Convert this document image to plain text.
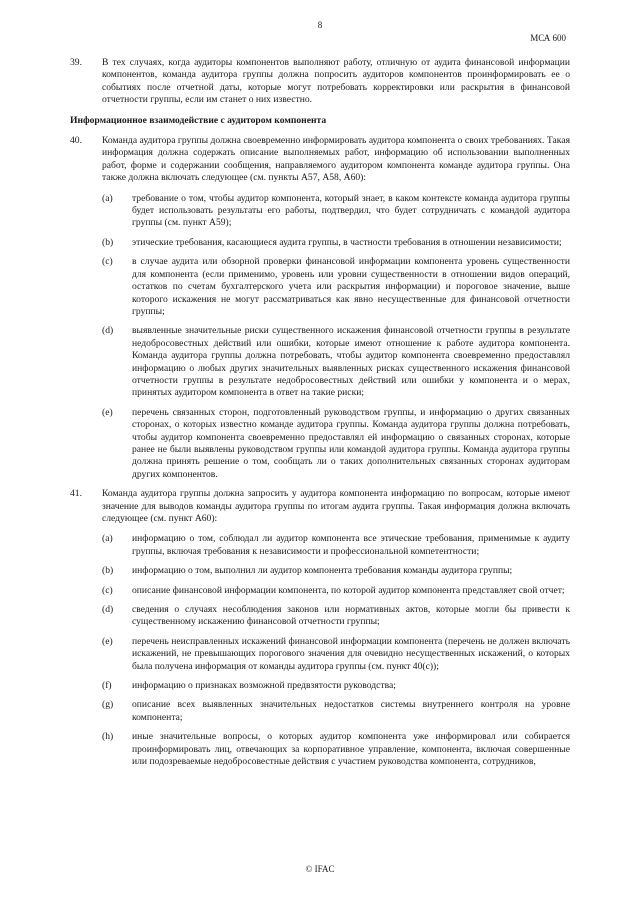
8
МСА 600
39. В тех случаях, когда аудиторы компонентов выполняют работу, отличную от аудита финансовой информации компонентов, команда аудитора группы должна попросить аудиторов компонентов проинформировать ее о событиях после отчетной даты, которые могут потребовать корректировки или раскрытия в финансовой отчетности группы, если им станет о них известно.
Информационное взаимодействие с аудитором компонента
40. Команда аудитора группы должна своевременно информировать аудитора компонента о своих требованиях. Такая информация должна содержать описание выполняемых работ, информацию об использовании выполненных работ, форме и содержании сообщения, направляемого аудитором компонента команде аудитора группы. Она также должна включать следующее (см. пункты А57, А58, А60):
(a) требование о том, чтобы аудитор компонента, который знает, в каком контексте команда аудитора группы будет использовать результаты его работы, подтвердил, что будет сотрудничать с командой аудитора группы (см. пункт А59);
(b) этические требования, касающиеся аудита группы, в частности требования в отношении независимости;
(c) в случае аудита или обзорной проверки финансовой информации компонента уровень существенности для компонента (если применимо, уровень или уровни существенности в отношении видов операций, остатков по счетам бухгалтерского учета или раскрытия информации) и пороговое значение, выше которого искажения не могут рассматриваться как явно несущественные для финансовой отчетности группы;
(d) выявленные значительные риски существенного искажения финансовой отчетности группы в результате недобросовестных действий или ошибки, которые имеют отношение к работе аудитора компонента. Команда аудитора группы должна потребовать, чтобы аудитор компонента своевременно предоставлял информацию о любых других значительных выявленных рисках существенного искажения финансовой отчетности группы в результате недобросовестных действий или ошибки у компонента и о мерах, принятых аудитором компонента в ответ на такие риски;
(e) перечень связанных сторон, подготовленный руководством группы, и информацию о других связанных сторонах, о которых известно команде аудитора группы. Команда аудитора группы должна потребовать, чтобы аудитор компонента своевременно предоставлял ей информацию о связанных сторонах, которые ранее не были выявлены руководством группы или командой аудитора группы. Команда аудитора группы должна принять решение о том, сообщать ли о таких дополнительных связанных сторонах аудиторам других компонентов.
41. Команда аудитора группы должна запросить у аудитора компонента информацию по вопросам, которые имеют значение для выводов команды аудитора группы по итогам аудита группы. Такая информация должна включать следующее (см. пункт А60):
(a) информацию о том, соблюдал ли аудитор компонента все этические требования, применимые к аудиту группы, включая требования к независимости и профессиональной компетентности;
(b) информацию о том, выполнил ли аудитор компонента требования команды аудитора группы;
(c) описание финансовой информации компонента, по которой аудитор компонента представляет свой отчет;
(d) сведения о случаях несоблюдения законов или нормативных актов, которые могли бы привести к существенному искажению финансовой отчетности группы;
(e) перечень неисправленных искажений финансовой информации компонента (перечень не должен включать искажений, не превышающих порогового значения для очевидно несущественных искажений, о которых была получена информация от команды аудитора группы (см. пункт 40(c));
(f) информацию о признаках возможной предвзятости руководства;
(g) описание всех выявленных значительных недостатков системы внутреннего контроля на уровне компонента;
(h) иные значительные вопросы, о которых аудитор компонента уже информировал или собирается проинформировать лиц, отвечающих за корпоративное управление, компонента, включая совершенные или подозреваемые недобросовестные действия с участием руководства компонента, сотрудников,
© IFAC
